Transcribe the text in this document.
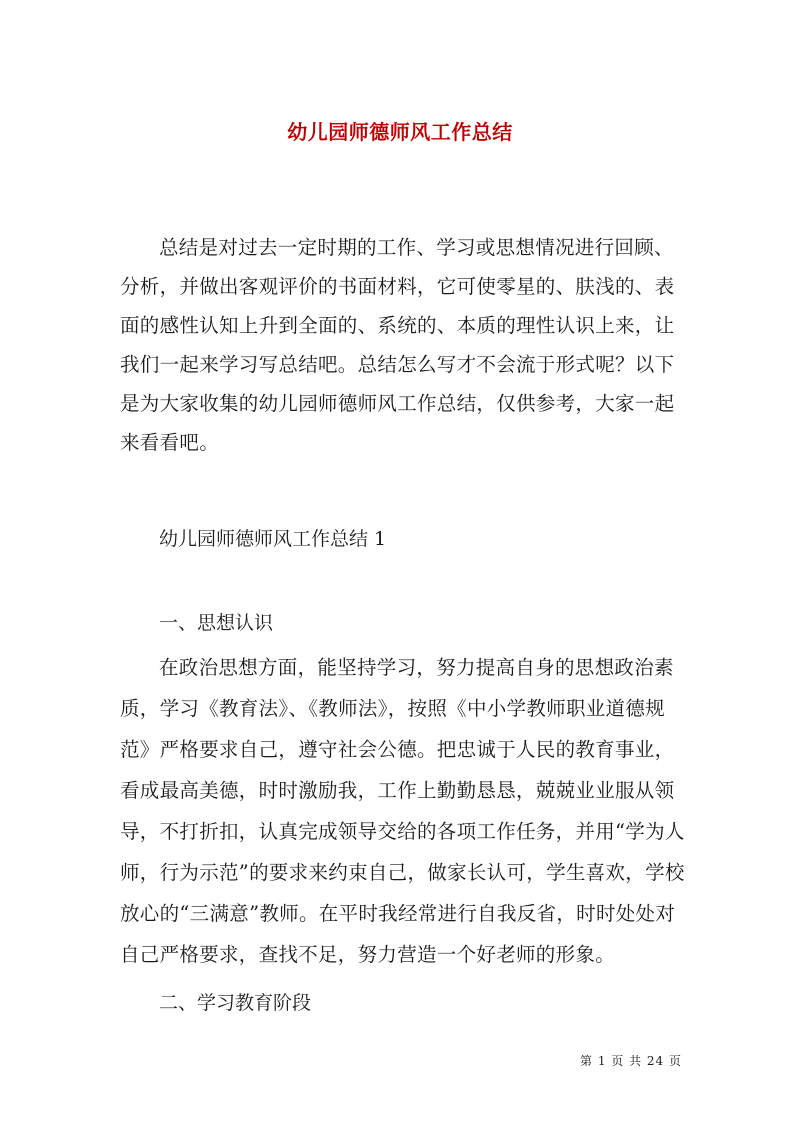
幼儿园师德师风工作总结

总结是对过去一定时期的工作、学习或思想情况进行回顾、分析，并做出客观评价的书面材料，它可使零星的、肤浅的、表面的感性认知上升到全面的、系统的、本质的理性认识上来，让我们一起来学习写总结吧。总结怎么写才不会流于形式呢？以下是为大家收集的幼儿园师德师风工作总结，仅供参考，大家一起来看看吧。

幼儿园师德师风工作总结 1

一、思想认识

在政治思想方面，能坚持学习，努力提高自身的思想政治素质，学习《教育法》、《教师法》，按照《中小学教师职业道德规范》严格要求自己，遵守社会公德。把忠诚于人民的教育事业，看成最高美德，时时激励我，工作上勤勤恳恳，兢兢业业服从领导，不打折扣，认真完成领导交给的各项工作任务，并用“学为人师，行为示范”的要求来约束自己，做家长认可，学生喜欢，学校放心的“三满意”教师。在平时我经常进行自我反省，时时处处对自己严格要求，查找不足，努力营造一个好老师的形象。

二、学习教育阶段

第 1 页 共 24 页
